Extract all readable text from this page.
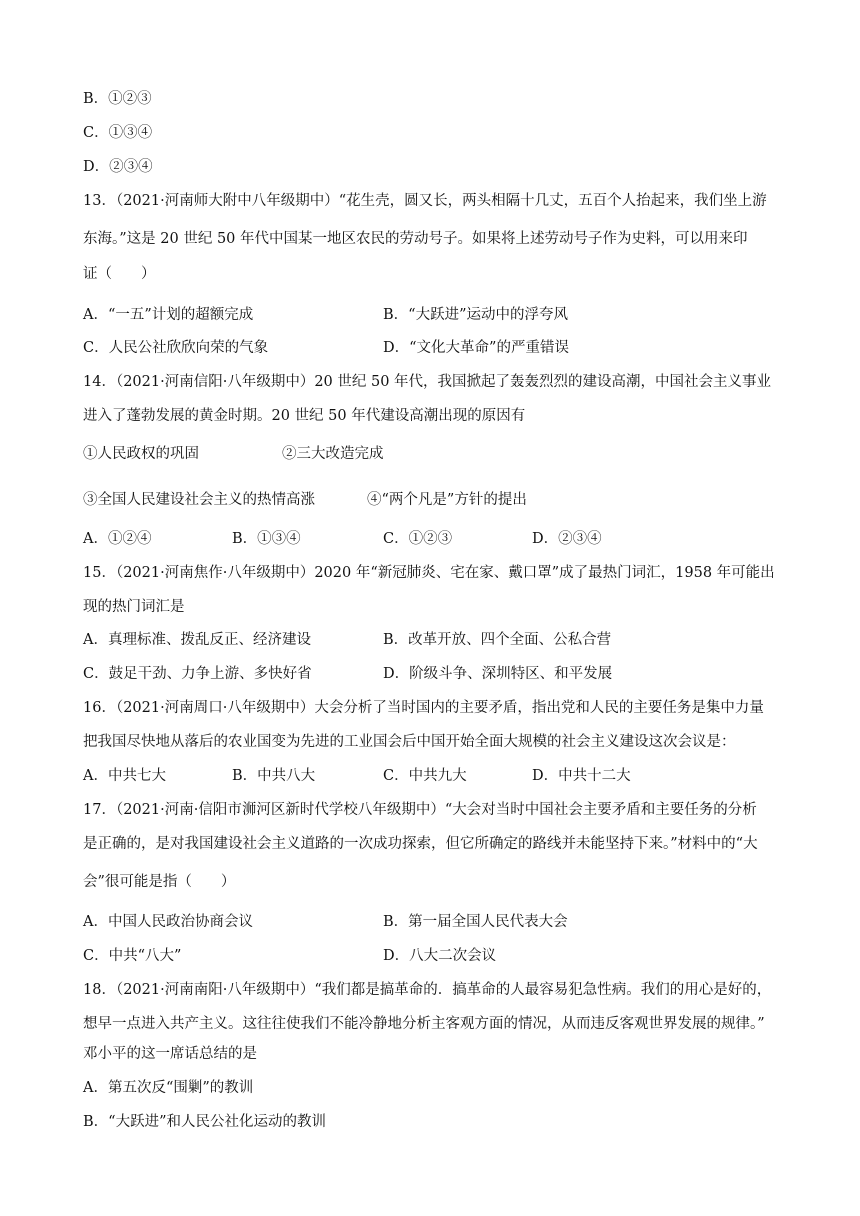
B．①②③
C．①③④
D．②③④
13．（2021·河南师大附中八年级期中）“花生壳，圆又长，两头相隔十几丈，五百个人抬起来，我们坐上游
东海。”这是 20 世纪 50 年代中国某一地区农民的劳动号子。如果将上述劳动号子作为史料，可以用来印
证（　　）
A．“一五”计划的超额完成	B．“大跃进”运动中的浮夸风
C．人民公社欣欣向荣的气象	D．“文化大革命”的严重错误
14．（2021·河南信阳·八年级期中）20 世纪 50 年代，我国掀起了轰轰烈烈的建设高潮，中国社会主义事业
进入了蓬勃发展的黄金时期。20 世纪 50 年代建设高潮出现的原因有
①人民政权的巩固	②三大改造完成
③全国人民建设社会主义的热情高涨	④“两个凡是”方针的提出
A．①②④	B．①③④	C．①②③	D．②③④
15．（2021·河南焦作·八年级期中）2020 年“新冠肺炎、宅在家、戴口罩”成了最热门词汇，1958 年可能出
现的热门词汇是
A．真理标准、拨乱反正、经济建设	B．改革开放、四个全面、公私合营
C．鼓足干劲、力争上游、多快好省	D．阶级斗争、深圳特区、和平发展
16．（2021·河南周口·八年级期中）大会分析了当时国内的主要矛盾，指出党和人民的主要任务是集中力量
把我国尽快地从落后的农业国变为先进的工业国会后中国开始全面大规模的社会主义建设这次会议是：
A．中共七大	B．中共八大	C．中共九大	D．中共十二大
17．（2021·河南·信阳市浉河区新时代学校八年级期中）“大会对当时中国社会主要矛盾和主要任务的分析
是正确的，是对我国建设社会主义道路的一次成功探索，但它所确定的路线并未能坚持下来。”材料中的“大
会”很可能是指（　　）
A．中国人民政治协商会议	B．第一届全国人民代表大会
C．中共“八大”	D．八大二次会议
18．（2021·河南南阳·八年级期中）“我们都是搞革命的．搞革命的人最容易犯急性病。我们的用心是好的，
想早一点进入共产主义。这往往使我们不能冷静地分析主客观方面的情况，从而违反客观世界发展的规律。”
邓小平的这一席话总结的是
A．第五次反“围剿”的教训
B．“大跃进”和人民公社化运动的教训
